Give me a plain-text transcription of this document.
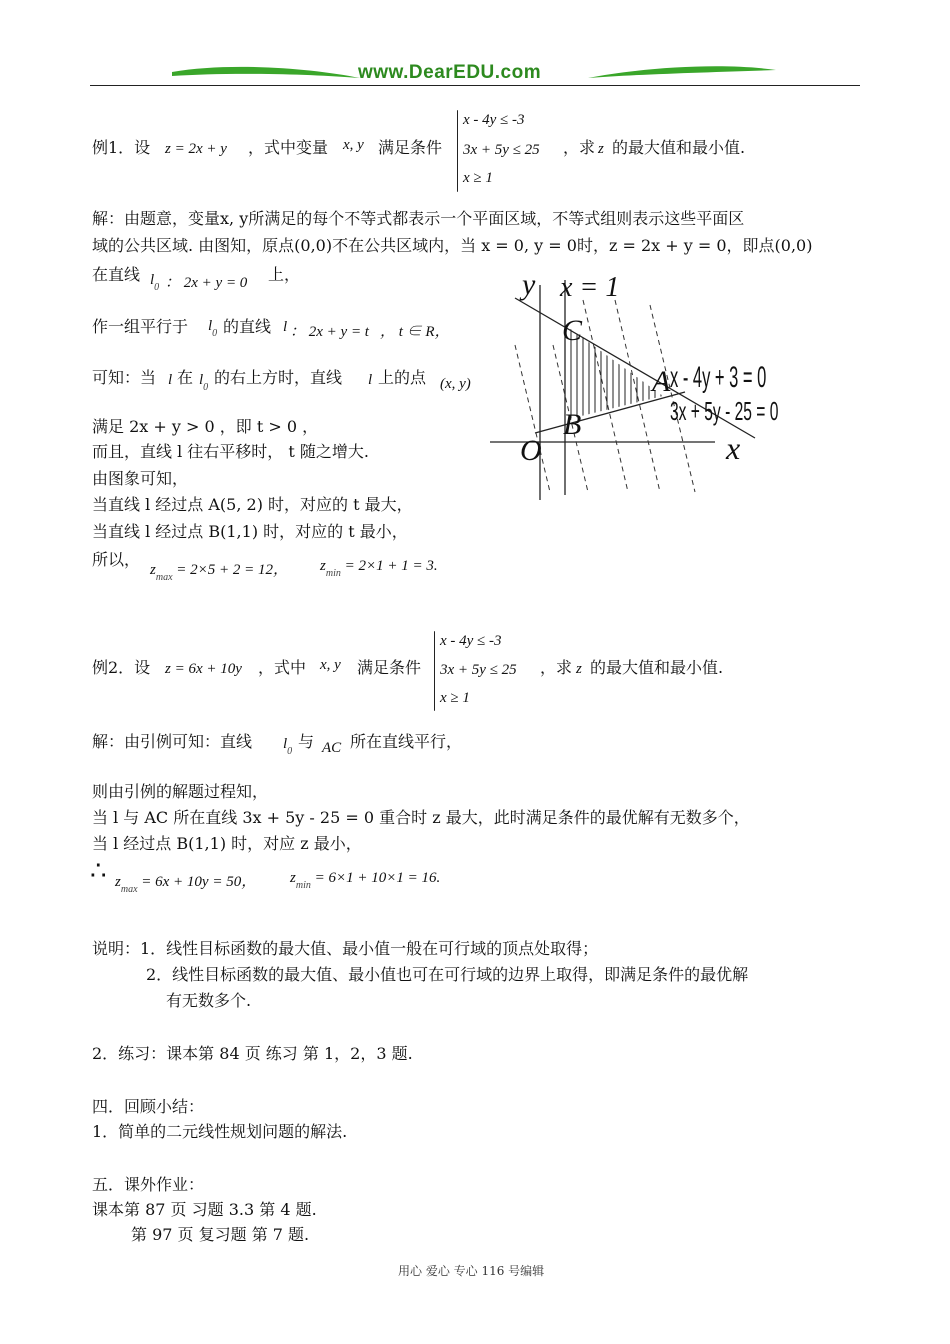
www.DearEDU.com
例1．设 z = 2x + y ，式中变量 x, y 满足条件
x - 4y ≤ -3
3x + 5y ≤ 25
x ≥ 1
，求 z 的最大值和最小值.
解：由题意，变量x, y所满足的每个不等式都表示一个平面区域，不等式组则表示这些平面区
域的公共区域. 由图知，原点(0,0)不在公共区域内，当 x = 0, y = 0时，z = 2x + y = 0，即点(0,0)
在直线 $l_0$ ： 2x + y = 0 上，
作一组平行于 $l_0$ 的直线 l ： 2x + y = t ， t ∈ R，
可知：当 l 在 $l_0$
的右上方时，直线 l 上的点 (x, y)
满足 2x + y > 0 ，即 t > 0 ，
而且，直线 l 往右平移时， t 随之增大.
由图象可知，
当直线 l 经过点 A(5, 2) 时，对应的 t 最大，
当直线 l 经过点 B(1,1) 时，对应的 t 最小，
所以，
$z_{max} = 2\times 5 + 2 = 12$， $z_{min} = 2\times 1 + 1 = 3$.
y x = 1
C
A x - 4y + 3 = 0
3x + 5y - 25 = 0
B
O	x
例2．设 z = 6x + 10y ，式中 x, y 满足条件
x - 4y ≤ -3
3x + 5y ≤ 25
x ≥ 1
，求 z 的最大值和最小值.
解：由引例可知：直线 $l_0$
与 AC 所在直线平行，
则由引例的解题过程知，
当 l 与 AC 所在直线 3x + 5y - 25 = 0 重合时 z 最大，此时满足条件的最优解有无数多个，
当 l 经过点 B(1,1) 时，对应 z 最小，
∴ $z_{max} = 6x + 10y = 50$， $z_{min} = 6\times 1 + 10\times 1 = 16$.
说明：1．线性目标函数的最大值、最小值一般在可行域的顶点处取得；
2．线性目标函数的最大值、最小值也可在可行域的边界上取得，即满足条件的最优解
有无数多个.
2．练习：课本第 84 页 练习 第 1，2，3 题.
四．回顾小结：
1．简单的二元线性规划问题的解法.
五．课外作业：
课本第 87 页 习题 3.3 第 4 题.
第 97 页 复习题 第 7 题.
用心 爱心 专心 116 号编辑
